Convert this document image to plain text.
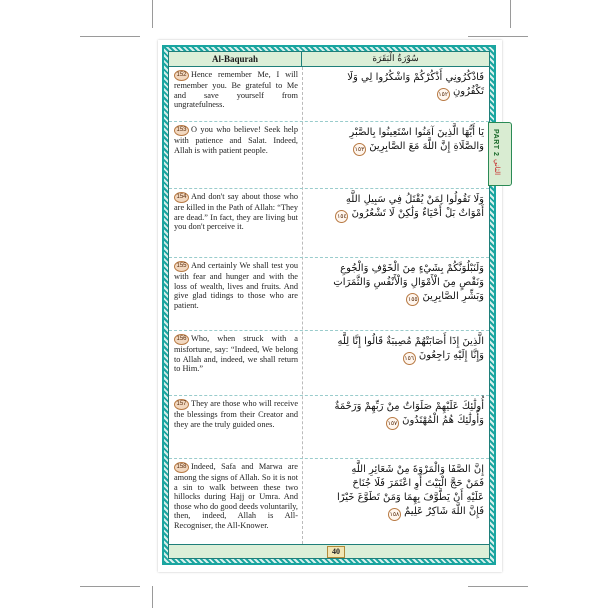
Al-Baqurah	سُوْرَةُ الْبَقَرَة
152 Hence remember Me, I will remember you. Be grateful to Me and save yourself from ungratefulness.
فَاذْكُرُونِي أَذْكُرْكُمْ وَاشْكُرُوا لِي وَلَا تَكْفُرُونِ ١٥٢
153 O you who believe! Seek help with patience and Salat. Indeed, Allah is with patient people.
يَا أَيُّهَا الَّذِينَ آمَنُوا اسْتَعِينُوا بِالصَّبْرِ وَالصَّلَاةِ إِنَّ اللَّهَ مَعَ الصَّابِرِينَ ١٥٣
154 And don't say about those who are killed in the Path of Allah: “They are dead.” In fact, they are living but you don't perceive it.
وَلَا تَقُولُوا لِمَنْ يُقْتَلُ فِي سَبِيلِ اللَّهِ أَمْوَاتٌ بَلْ أَحْيَاءٌ وَلَٰكِنْ لَا تَشْعُرُونَ ١٥٤
155 And certainly We shall test you with fear and hunger and with the loss of wealth, lives and fruits. And give glad tidings to those who are patient.
وَلَنَبْلُوَنَّكُمْ بِشَيْءٍ مِنَ الْخَوْفِ وَالْجُوعِ وَنَقْصٍ مِنَ الْأَمْوَالِ وَالْأَنْفُسِ وَالثَّمَرَاتِ وَبَشِّرِ الصَّابِرِينَ ١٥٥
156 Who, when struck with a misfortune, say: “Indeed, We belong to Allah and, indeed, we shall return to Him.”
الَّذِينَ إِذَا أَصَابَتْهُمْ مُصِيبَةٌ قَالُوا إِنَّا لِلَّهِ وَإِنَّا إِلَيْهِ رَاجِعُونَ ١٥٦
157 They are those who will receive the blessings from their Creator and they are the truly guided ones.
أُولَٰئِكَ عَلَيْهِمْ صَلَوَاتٌ مِنْ رَبِّهِمْ وَرَحْمَةٌ وَأُولَٰئِكَ هُمُ الْمُهْتَدُونَ ١٥٧
158 Indeed, Safa and Marwa are among the signs of Allah. So it is not a sin to walk between these two hillocks during Hajj or Umra. And those who do good deeds voluntarily, then, indeed, Allah is All-Recogniser, the All-Knower.
إِنَّ الصَّفَا وَالْمَرْوَةَ مِنْ شَعَائِرِ اللَّهِ فَمَنْ حَجَّ الْبَيْتَ أَوِ اعْتَمَرَ فَلَا جُنَاحَ عَلَيْهِ أَنْ يَطَّوَّفَ بِهِمَا وَمَنْ تَطَوَّعَ خَيْرًا فَإِنَّ اللَّهَ شَاكِرٌ عَلِيمٌ ١٥٨
40
PART 2
الثاني
